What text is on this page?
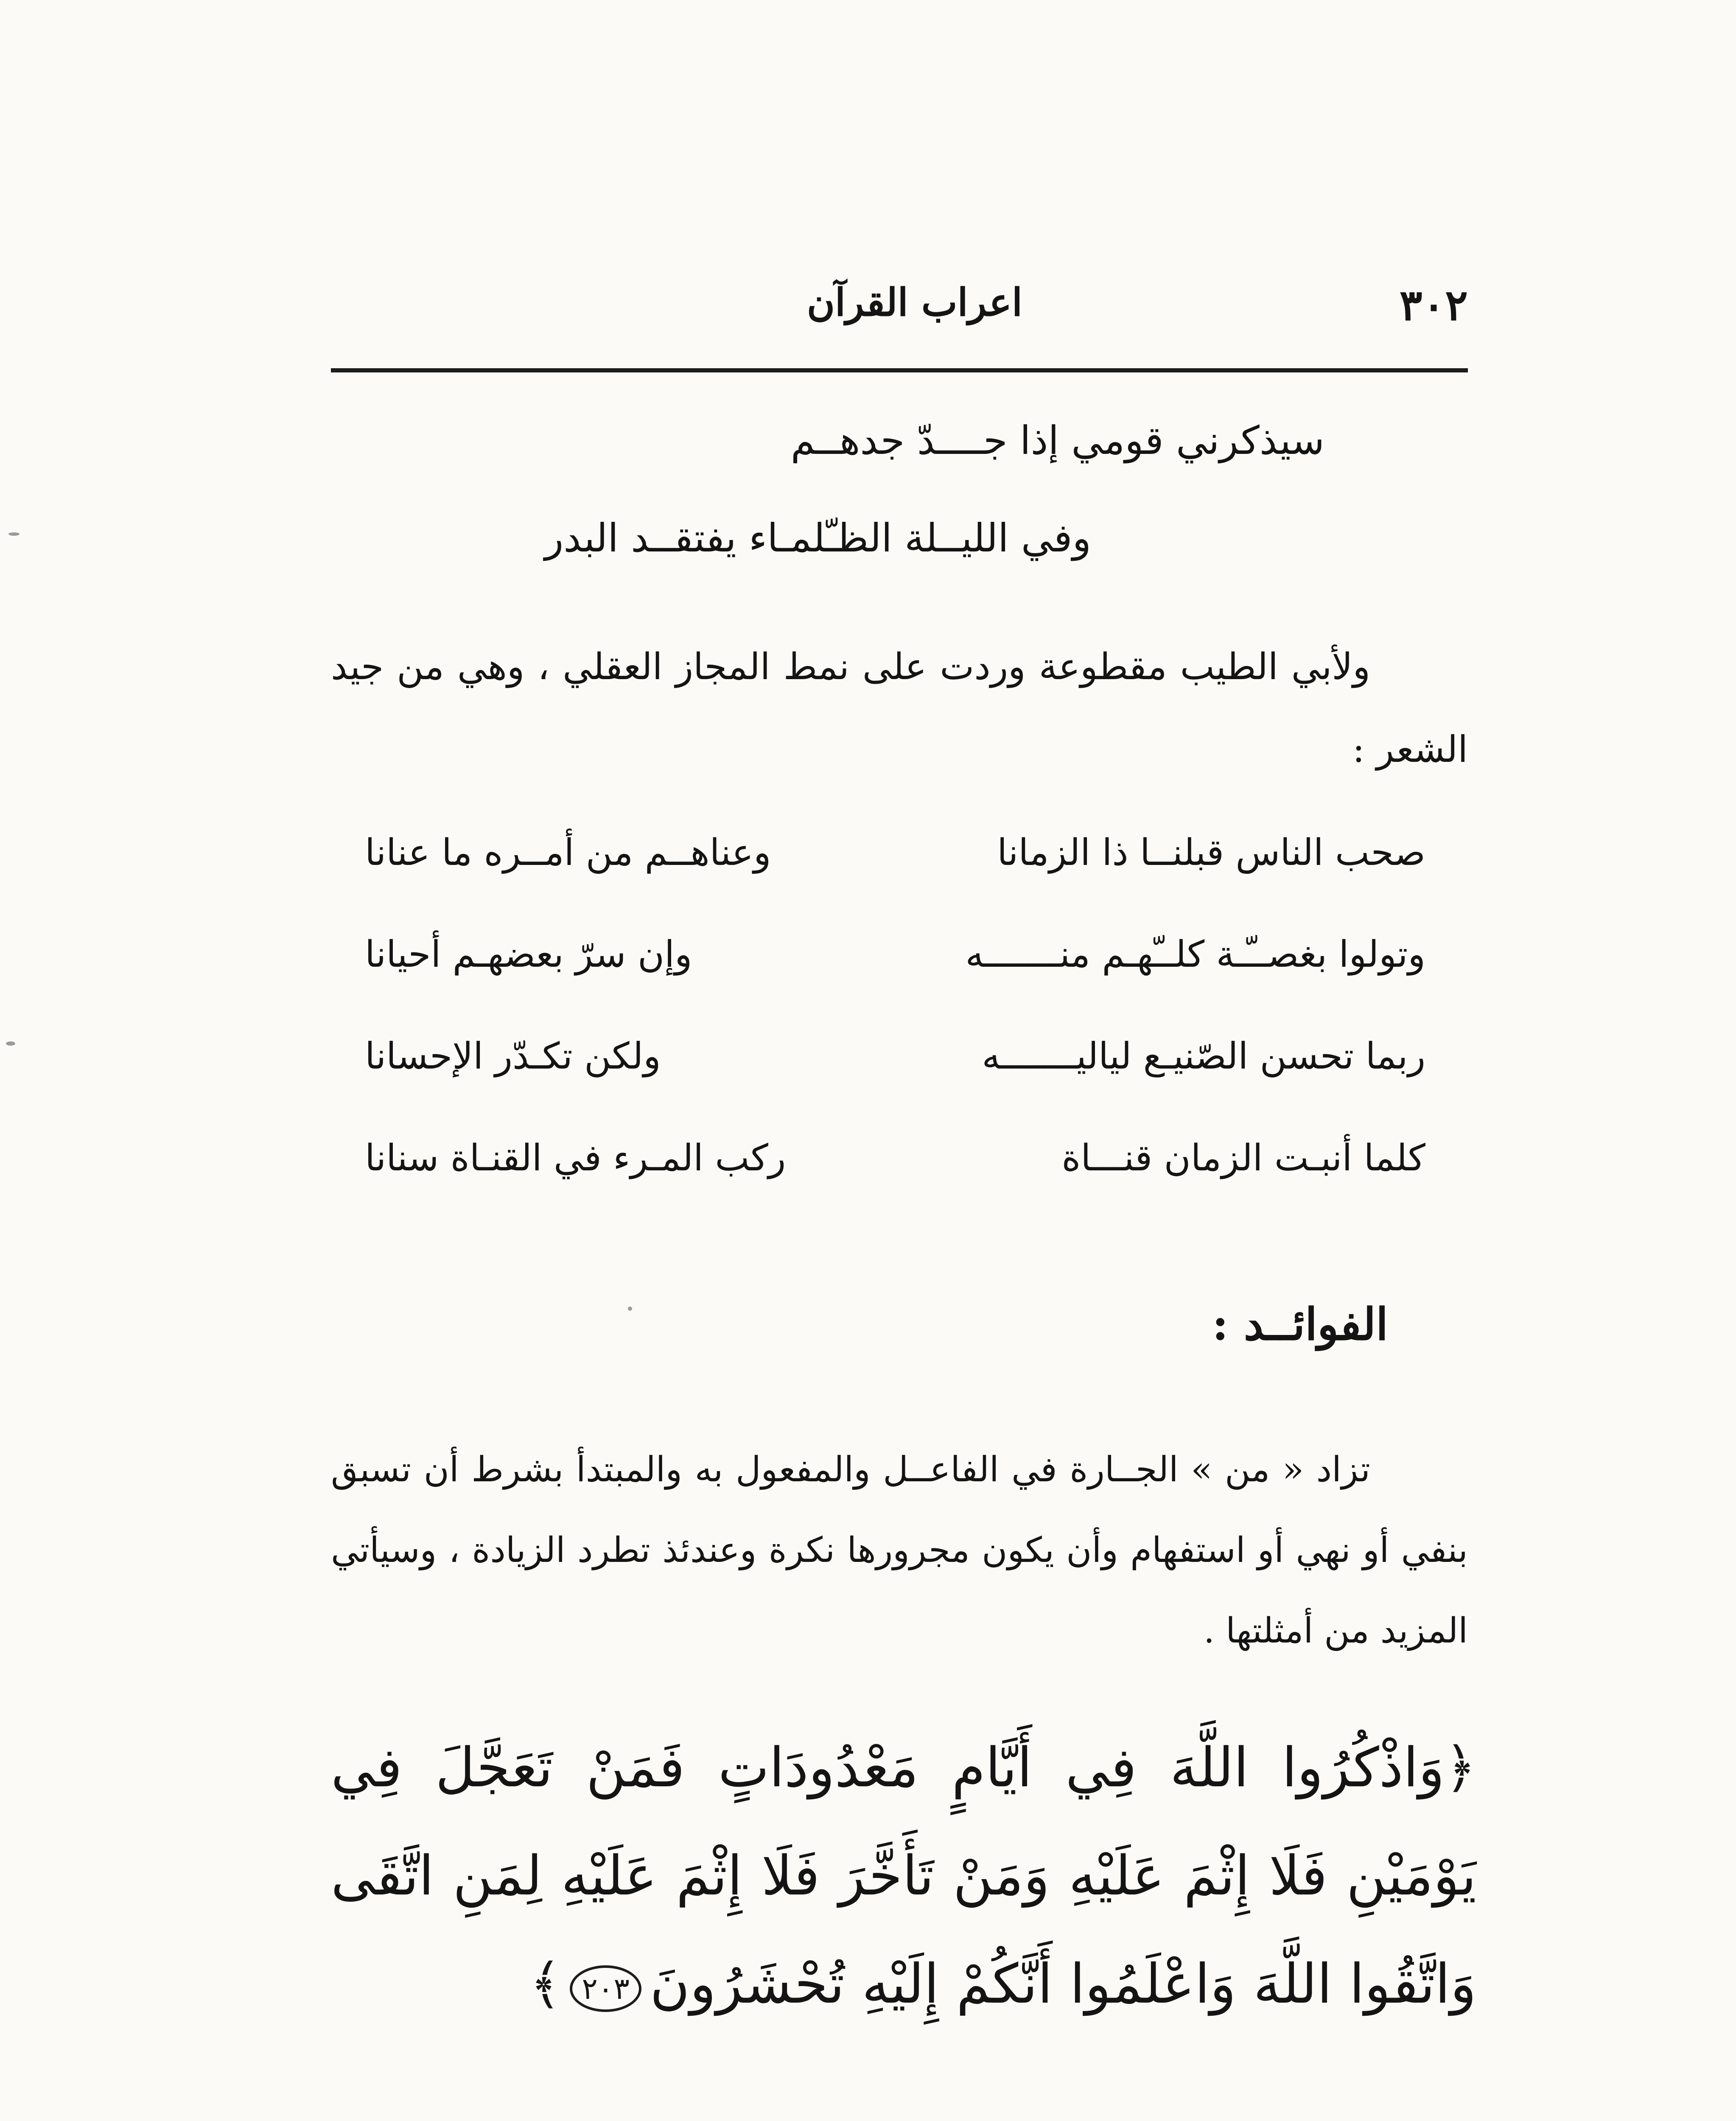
٣٠٢
اعراب القرآن
سيذكرني قومي إذا جــــدّ جدهــم
وفي الليــلة الظـّلمـاء يفتقــد البدر

ولأبي الطيب مقطوعة وردت على نمط المجاز العقلي ، وهي من جيد الشعر :

صحب الناس قبلنــا ذا الزمانا
وعناهــم من أمــره ما عنانا
وتولوا بغصــّـة كلــّهـم منـــــــه
وإن سرّ بعضهـم أحيانا
ربما تحسن الصّنيـع لياليـــــــه
ولكن تكـدّر الإحسانا
كلما أنبـت الزمان قنـــاة
ركب المـرء في القنـاة سنانا
الفوائــد :

تزاد « من » الجــارة في الفاعــل والمفعول به والمبتدأ بشرط أن تسبق بنفي أو نهي أو استفهام وأن يكون مجرورها نكرة وعندئذ تطرد الزيادة ، وسيأتي المزيد من أمثلتها .

﴿وَاذْكُرُوا اللَّهَ فِي أَيَّامٍ مَعْدُودَاتٍ فَمَنْ تَعَجَّلَ فِي يَوْمَيْنِ فَلَا إِثْمَ عَلَيْهِ وَمَنْ تَأَخَّرَ فَلَا إِثْمَ عَلَيْهِ لِمَنِ اتَّقَى وَاتَّقُوا اللَّهَ وَاعْلَمُوا أَنَّكُمْ إِلَيْهِ تُحْشَرُونَ٢٠٣﴾
